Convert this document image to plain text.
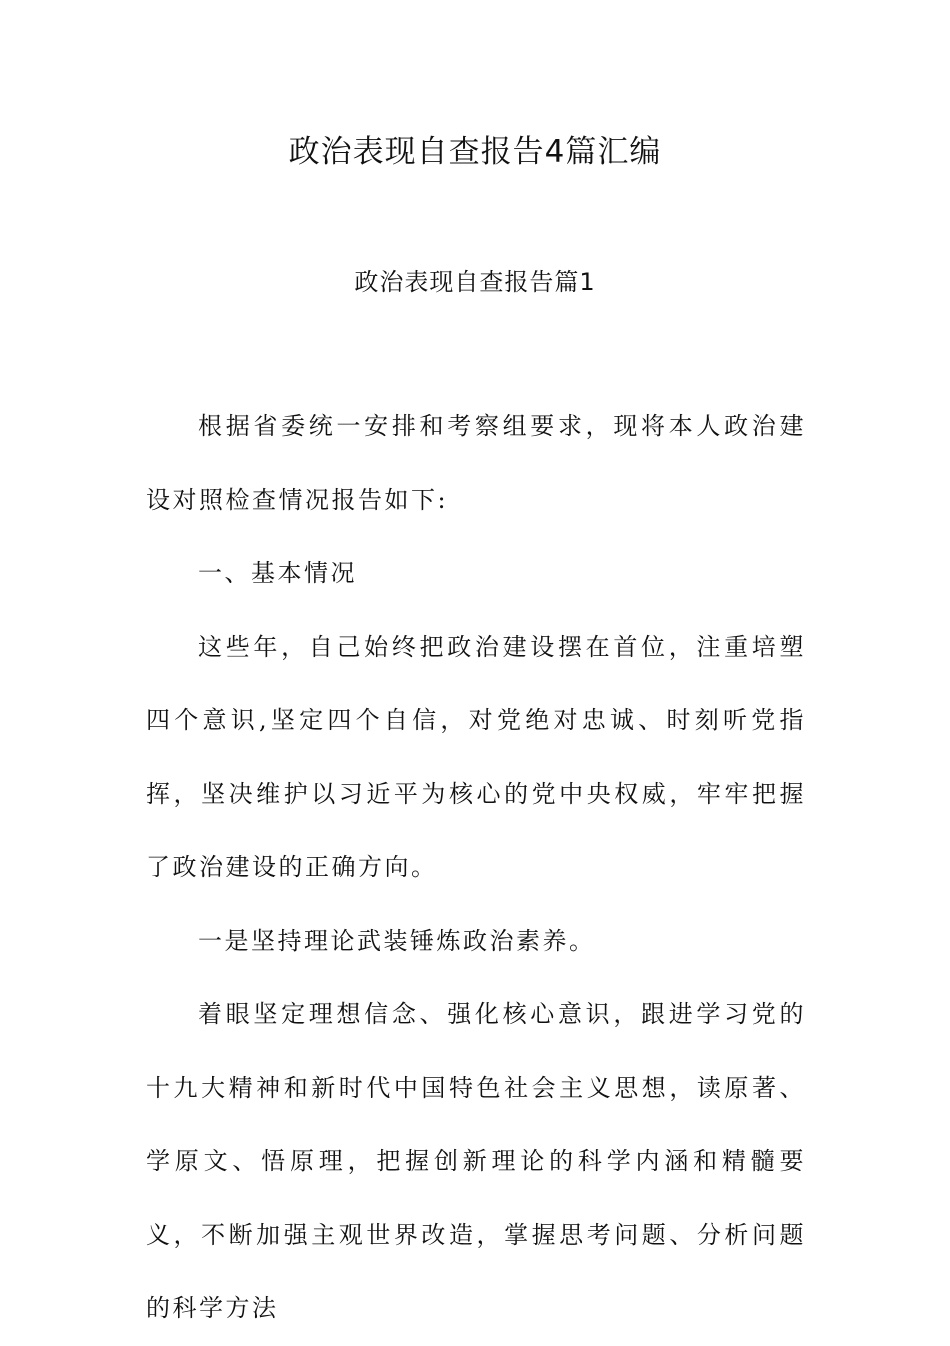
政治表现自查报告4篇汇编
政治表现自查报告篇1

根据省委统一安排和考察组要求，现将本人政治建设对照检查情况报告如下:

一、基本情况

这些年，自己始终把政治建设摆在首位，注重培塑四个意识,坚定四个自信，对党绝对忠诚、时刻听党指挥，坚决维护以习近平为核心的党中央权威，牢牢把握了政治建设的正确方向。

一是坚持理论武装锤炼政治素养。

着眼坚定理想信念、强化核心意识，跟进学习党的十九大精神和新时代中国特色社会主义思想，读原著、学原文、悟原理，把握创新理论的科学内涵和精髓要义，不断加强主观世界改造，掌握思考问题、分析问题的科学方法
